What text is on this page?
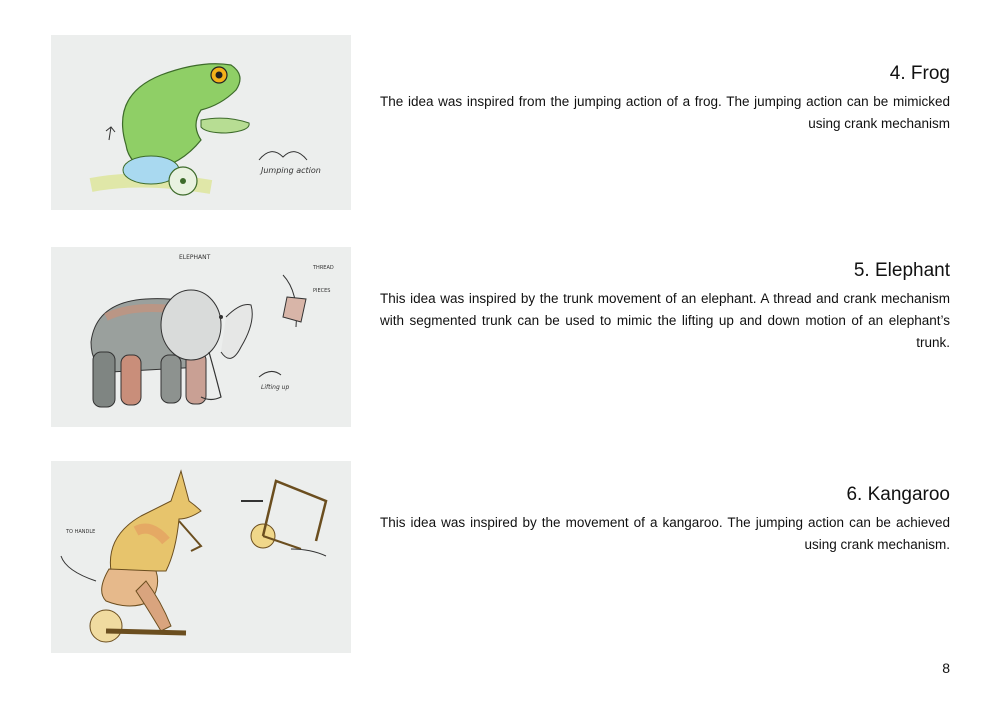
Jumping action
4. Frog

The idea was inspired from the jumping action of a frog. The jumping action can be mimicked using crank mechanism

ELEPHANT
THREAD
PIECES
Lifting up
5. Elephant

This idea was inspired by the trunk movement of an elephant. A thread and crank mechanism with segmented trunk can be used to mimic the lifting up and down motion of an elephant’s trunk.

TO HANDLE
6. Kangaroo

This idea was inspired by the movement of a kangaroo. The jumping action can be achieved using crank mechanism.

8
